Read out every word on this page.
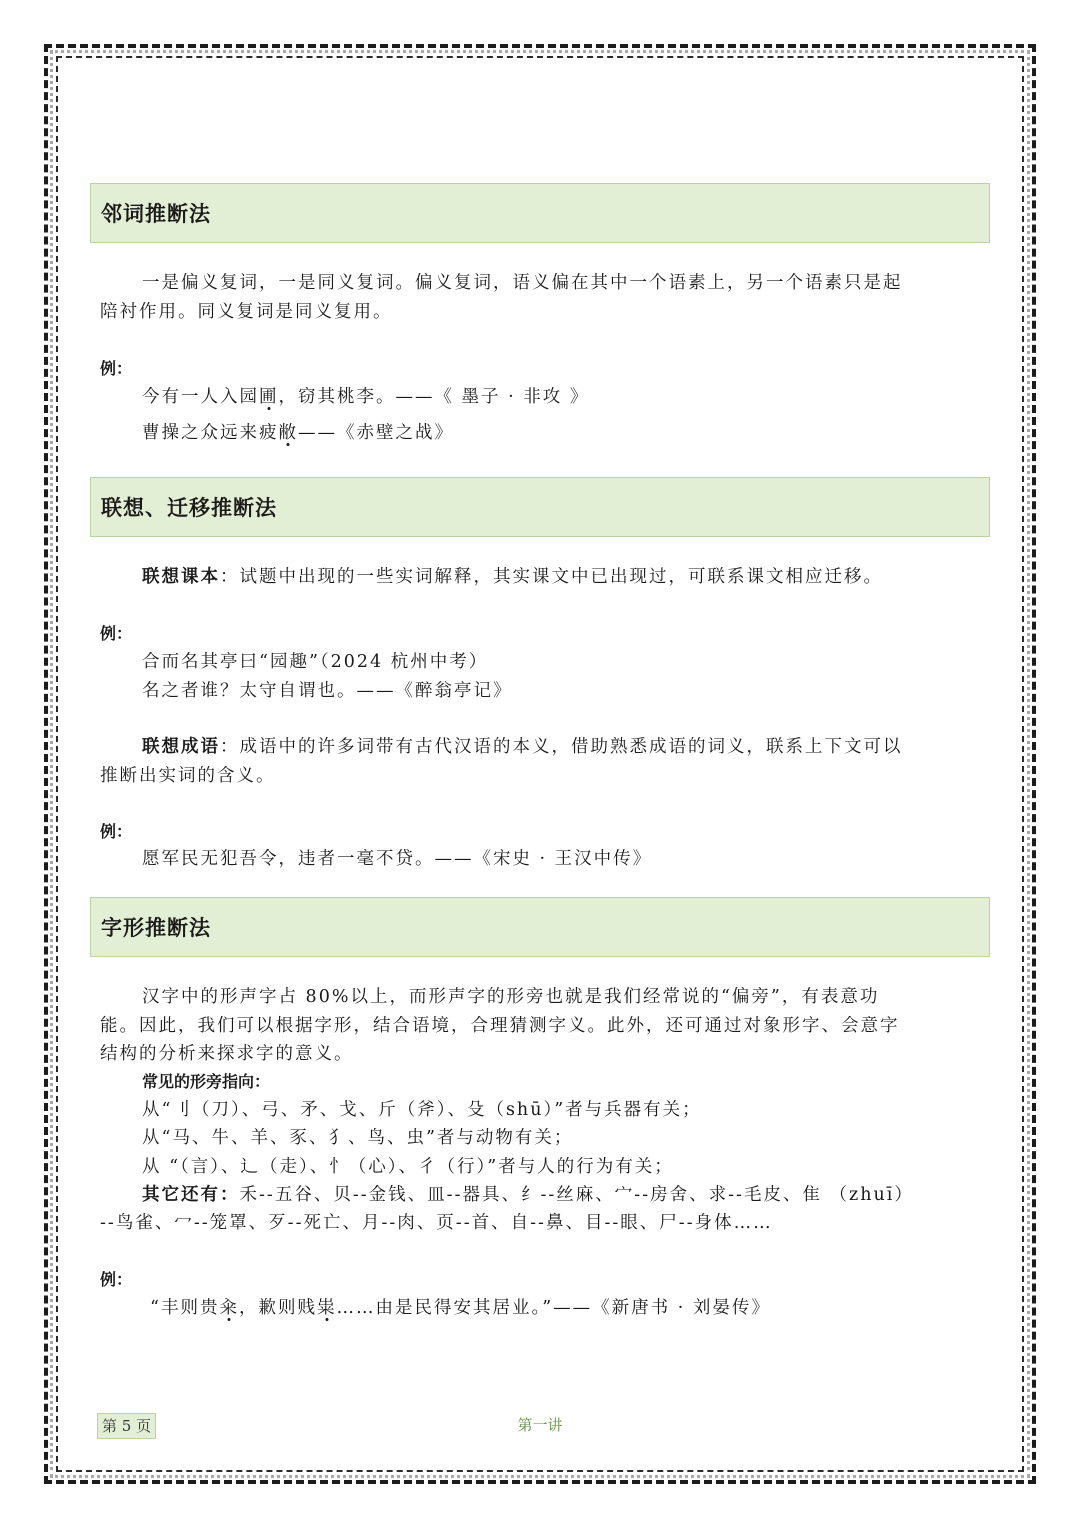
邻词推断法
一是偏义复词，一是同义复词。偏义复词，语义偏在其中一个语素上，另一个语素只是起
陪衬作用。同义复词是同义复用。
例：
今有一人入园圃，窃其桃李。——《 墨子 · 非攻 》
曹操之众远来疲敝——《赤壁之战》
联想、迁移推断法
联想课本：试题中出现的一些实词解释，其实课文中已出现过，可联系课文相应迁移。
例：
合而名其亭曰“园趣”（2024 杭州中考）
名之者谁？太守自谓也。——《醉翁亭记》
联想成语：成语中的许多词带有古代汉语的本义，借助熟悉成语的词义，联系上下文可以
推断出实词的含义。
例：
愿军民无犯吾令，违者一毫不贷。——《宋史 · 王汉中传》
字形推断法
汉字中的形声字占 80%以上，而形声字的形旁也就是我们经常说的“偏旁”，有表意功
能。因此，我们可以根据字形，结合语境，合理猜测字义。此外，还可通过对象形字、会意字
结构的分析来探求字的意义。
常见的形旁指向：
从“刂（刀）、弓、矛、戈、斤（斧）、殳（shū）”者与兵器有关；
从“马、牛、羊、豕、犭、鸟、虫”者与动物有关；
从 “（言）、辶（走）、忄（心）、彳（行）”者与人的行为有关；
其它还有：禾--五谷、贝--金钱、皿--器具、纟--丝麻、宀--房舍、求--毛皮、隹 （zhuī）
--鸟雀、冖--笼罩、歹--死亡、月--肉、页--首、自--鼻、目--眼、尸--身体……
例：
“丰则贵籴，歉则贱粜……由是民得安其居业。”——《新唐书 · 刘晏传》
第 5 页	第一讲
